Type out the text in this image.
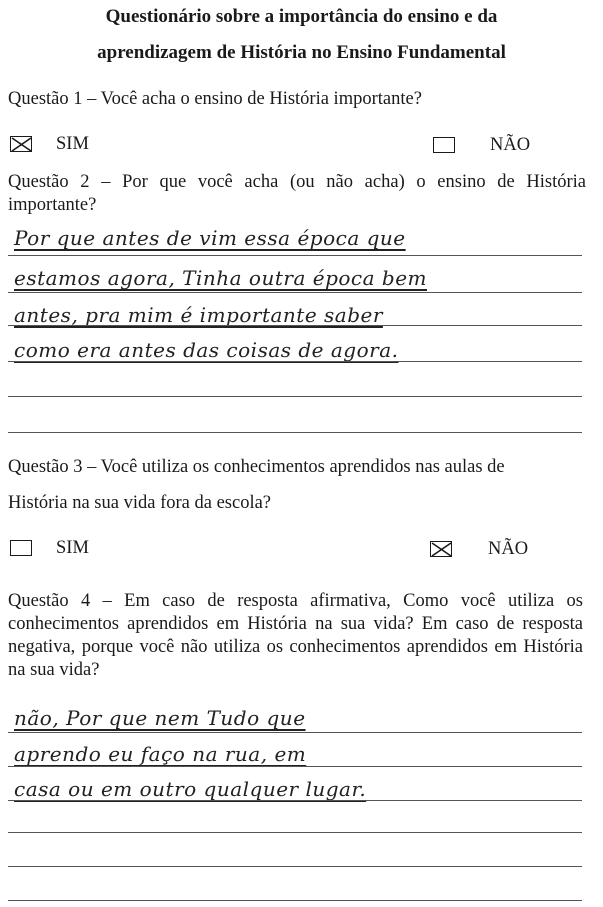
Questionário sobre a importância do ensino e da
aprendizagem de História no Ensino Fundamental
Questão 1 – Você acha o ensino de História importante?
SIM	NÃO
Questão 2 – Por que você acha (ou não acha) o ensino de História importante?
Por que antes de vim essa época que
estamos agora, Tinha outra época bem
antes, pra mim é importante saber
como era antes das coisas de agora.
Questão 3 – Você utiliza os conhecimentos aprendidos nas aulas de
História na sua vida fora da escola?
SIM	NÃO
Questão 4 – Em caso de resposta afirmativa, Como você utiliza os conhecimentos aprendidos em História na sua vida? Em caso de resposta negativa, porque você não utiliza os conhecimentos aprendidos em História na sua vida?
não, Por que nem Tudo que
aprendo eu faço na rua, em
casa ou em outro qualquer lugar.
